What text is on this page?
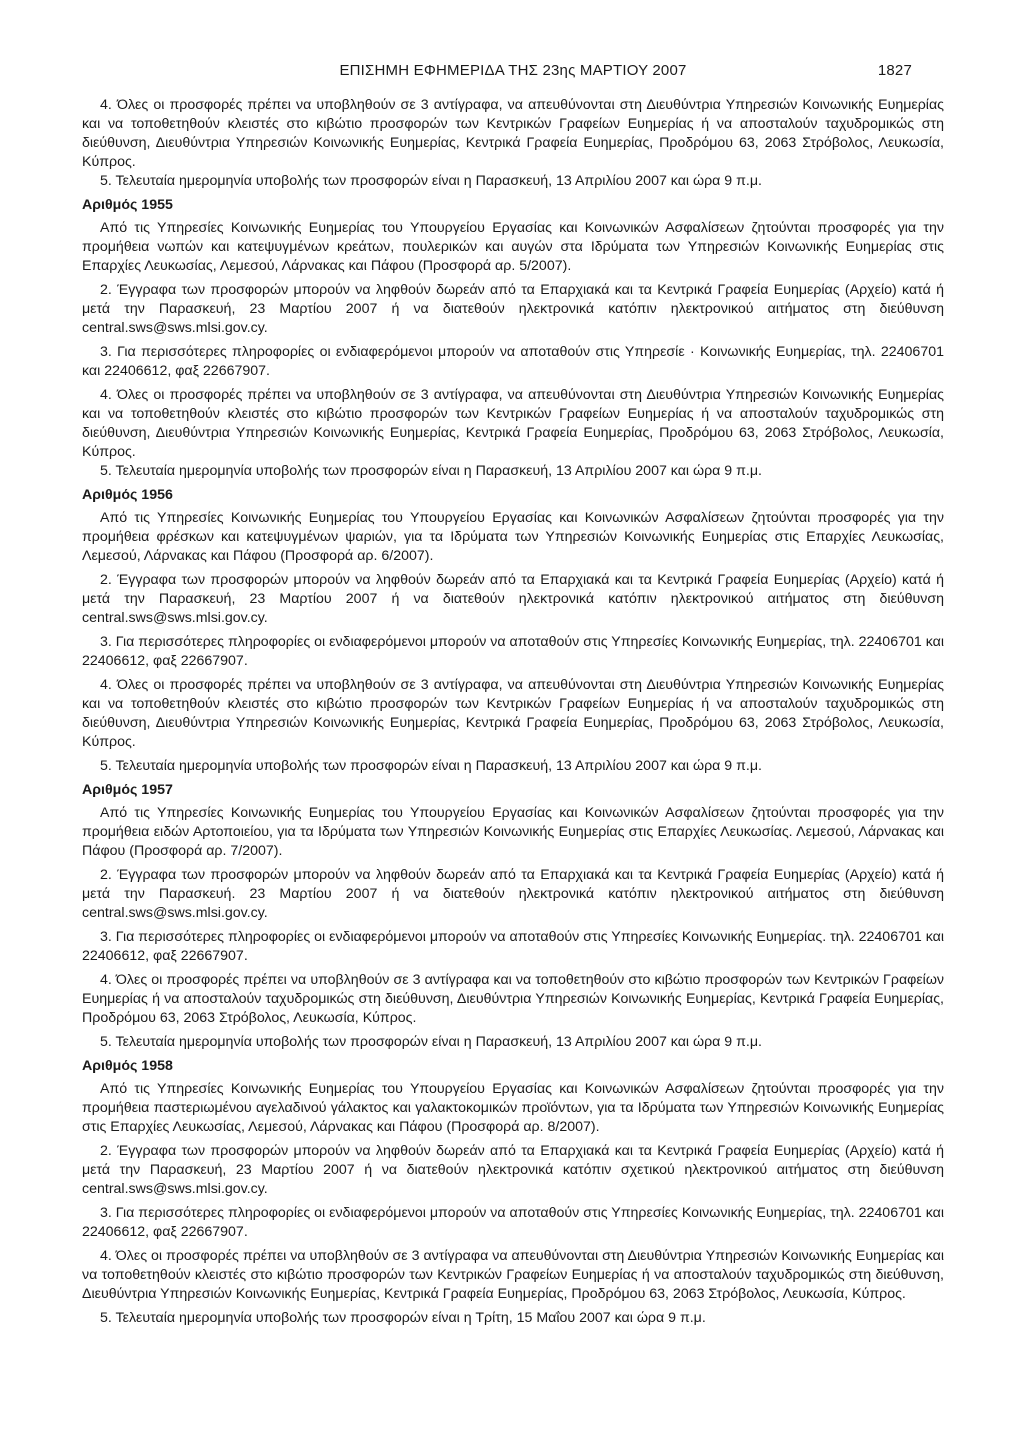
ΕΠΙΣΗΜΗ ΕΦΗΜΕΡΙΔΑ ΤΗΣ 23ης ΜΑΡΤΙΟΥ 2007	1827

4. Όλες οι προσφορές πρέπει να υποβληθούν σε 3 αντίγραφα, να απευθύνονται στη Διευθύντρια Υπηρεσιών Κοινωνικής Ευημερίας και να τοποθετηθούν κλειστές στο κιβώτιο προσφορών των Κεντρικών Γραφείων Ευημερίας ή να αποσταλούν ταχυδρομικώς στη διεύθυνση, Διευθύντρια Υπηρεσιών Κοινωνικής Ευημερίας, Κεντρικά Γραφεία Ευημερίας, Προδρόμου 63, 2063 Στρόβολος, Λευκωσία, Κύπρος.

5. Τελευταία ημερομηνία υποβολής των προσφορών είναι η Παρασκευή, 13 Απριλίου 2007 και ώρα 9 π.μ.

Αριθμός 1955

Από τις Υπηρεσίες Κοινωνικής Ευημερίας του Υπουργείου Εργασίας και Κοινωνικών Ασφαλίσεων ζητούνται προσφορές για την προμήθεια νωπών και κατεψυγμένων κρεάτων, πουλερικών και αυγών στα Ιδρύματα των Υπηρεσιών Κοινωνικής Ευημερίας στις Επαρχίες Λευκωσίας, Λεμεσού, Λάρνακας και Πάφου (Προσφορά αρ. 5/2007).

2. Έγγραφα των προσφορών μπορούν να ληφθούν δωρεάν από τα Επαρχιακά και τα Κεντρικά Γραφεία Ευημερίας (Αρχείο) κατά ή μετά την Παρασκευή, 23 Μαρτίου 2007 ή να διατεθούν ηλεκτρονικά κατόπιν ηλεκτρονικού αιτήματος στη διεύθυνση central.sws@sws.mlsi.gov.cy.

3. Για περισσότερες πληροφορίες οι ενδιαφερόμενοι μπορούν να αποταθούν στις Υπηρεσίε · Κοινωνικής Ευημερίας, τηλ. 22406701 και 22406612, φαξ 22667907.

4. Όλες οι προσφορές πρέπει να υποβληθούν σε 3 αντίγραφα, να απευθύνονται στη Διευθύντρια Υπηρεσιών Κοινωνικής Ευημερίας και να τοποθετηθούν κλειστές στο κιβώτιο προσφορών των Κεντρικών Γραφείων Ευημερίας ή να αποσταλούν ταχυδρομικώς στη διεύθυνση, Διευθύντρια Υπηρεσιών Κοινωνικής Ευημερίας, Κεντρικά Γραφεία Ευημερίας, Προδρόμου 63, 2063 Στρόβολος, Λευκωσία, Κύπρος.

5. Τελευταία ημερομηνία υποβολής των προσφορών είναι η Παρασκευή, 13 Απριλίου 2007 και ώρα 9 π.μ.

Αριθμός 1956

Από τις Υπηρεσίες Κοινωνικής Ευημερίας του Υπουργείου Εργασίας και Κοινωνικών Ασφαλίσεων ζητούνται προσφορές για την προμήθεια φρέσκων και κατεψυγμένων ψαριών, για τα Ιδρύματα των Υπηρεσιών Κοινωνικής Ευημερίας στις Επαρχίες Λευκωσίας, Λεμεσού, Λάρνακας και Πάφου (Προσφορά αρ. 6/2007).

2. Έγγραφα των προσφορών μπορούν να ληφθούν δωρεάν από τα Επαρχιακά και τα Κεντρικά Γραφεία Ευημερίας (Αρχείο) κατά ή μετά την Παρασκευή, 23 Μαρτίου 2007 ή να διατεθούν ηλεκτρονικά κατόπιν ηλεκτρονικού αιτήματος στη διεύθυνση central.sws@sws.mlsi.gov.cy.

3. Για περισσότερες πληροφορίες οι ενδιαφερόμενοι μπορούν να αποταθούν στις Υπηρεσίες Κοινωνικής Ευημερίας, τηλ. 22406701 και 22406612, φαξ 22667907.

4. Όλες οι προσφορές πρέπει να υποβληθούν σε 3 αντίγραφα, να απευθύνονται στη Διευθύντρια Υπηρεσιών Κοινωνικής Ευημερίας και να τοποθετηθούν κλειστές στο κιβώτιο προσφορών των Κεντρικών Γραφείων Ευημερίας ή να αποσταλούν ταχυδρομικώς στη διεύθυνση, Διευθύντρια Υπηρεσιών Κοινωνικής Ευημερίας, Κεντρικά Γραφεία Ευημερίας, Προδρόμου 63, 2063 Στρόβολος, Λευκωσία, Κύπρος.

5. Τελευταία ημερομηνία υποβολής των προσφορών είναι η Παρασκευή, 13 Απριλίου 2007 και ώρα 9 π.μ.

Αριθμός 1957

Από τις Υπηρεσίες Κοινωνικής Ευημερίας του Υπουργείου Εργασίας και Κοινωνικών Ασφαλίσεων ζητούνται προσφορές για την προμήθεια ειδών Αρτοποιείου, για τα Ιδρύματα των Υπηρεσιών Κοινωνικής Ευημερίας στις Επαρχίες Λευκωσίας. Λεμεσού, Λάρνακας και Πάφου (Προσφορά αρ. 7/2007).

2. Έγγραφα των προσφορών μπορούν να ληφθούν δωρεάν από τα Επαρχιακά και τα Κεντρικά Γραφεία Ευημερίας (Αρχείο) κατά ή μετά την Παρασκευή. 23 Μαρτίου 2007 ή να διατεθούν ηλεκτρονικά κατόπιν ηλεκτρονικού αιτήματος στη διεύθυνση central.sws@sws.mlsi.gov.cy.

3. Για περισσότερες πληροφορίες οι ενδιαφερόμενοι μπορούν να αποταθούν στις Υπηρεσίες Κοινωνικής Ευημερίας. τηλ. 22406701 και 22406612, φαξ 22667907.

4. Όλες οι προσφορές πρέπει να υποβληθούν σε 3 αντίγραφα και να τοποθετηθούν στο κιβώτιο προσφορών των Κεντρικών Γραφείων Ευημερίας ή να αποσταλούν ταχυδρομικώς στη διεύθυνση, Διευθύντρια Υπηρεσιών Κοινωνικής Ευημερίας, Κεντρικά Γραφεία Ευημερίας, Προδρόμου 63, 2063 Στρόβολος, Λευκωσία, Κύπρος.

5. Τελευταία ημερομηνία υποβολής των προσφορών είναι η Παρασκευή, 13 Απριλίου 2007 και ώρα 9 π.μ.

Αριθμός 1958

Από τις Υπηρεσίες Κοινωνικής Ευημερίας του Υπουργείου Εργασίας και Κοινωνικών Ασφαλίσεων ζητούνται προσφορές για την προμήθεια παστεριωμένου αγελαδινού γάλακτος και γαλακτοκομικών προϊόντων, για τα Ιδρύματα των Υπηρεσιών Κοινωνικής Ευημερίας στις Επαρχίες Λευκωσίας, Λεμεσού, Λάρνακας και Πάφου (Προσφορά αρ. 8/2007).

2. Έγγραφα των προσφορών μπορούν να ληφθούν δωρεάν από τα Επαρχιακά και τα Κεντρικά Γραφεία Ευημερίας (Αρχείο) κατά ή μετά την Παρασκευή, 23 Μαρτίου 2007 ή να διατεθούν ηλεκτρονικά κατόπιν σχετικού ηλεκτρονικού αιτήματος στη διεύθυνση central.sws@sws.mlsi.gov.cy.

3. Για περισσότερες πληροφορίες οι ενδιαφερόμενοι μπορούν να αποταθούν στις Υπηρεσίες Κοινωνικής Ευημερίας, τηλ. 22406701 και 22406612, φαξ 22667907.

4. Όλες οι προσφορές πρέπει να υποβληθούν σε 3 αντίγραφα να απευθύνονται στη Διευθύντρια Υπηρεσιών Κοινωνικής Ευημερίας και να τοποθετηθούν κλειστές στο κιβώτιο προσφορών των Κεντρικών Γραφείων Ευημερίας ή να αποσταλούν ταχυδρομικώς στη διεύθυνση, Διευθύντρια Υπηρεσιών Κοινωνικής Ευημερίας, Κεντρικά Γραφεία Ευημερίας, Προδρόμου 63, 2063 Στρόβολος, Λευκωσία, Κύπρος.

5. Τελευταία ημερομηνία υποβολής των προσφορών είναι η Τρίτη, 15 Μαΐου 2007 και ώρα 9 π.μ.
